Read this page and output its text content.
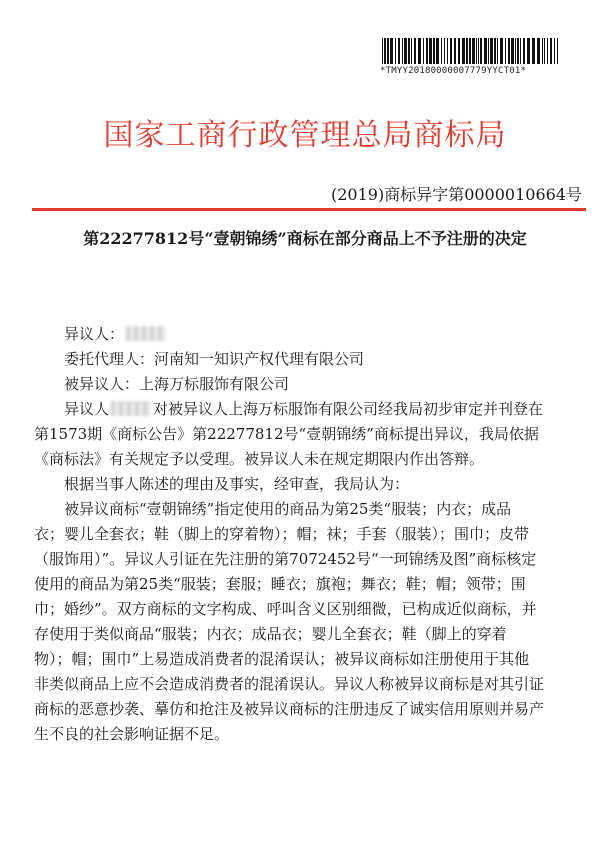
*TMYY20180000007779YYCT01*
国家工商行政管理总局商标局
(2019)商标异字第0000010664号
第22277812号“壹朝锦绣”商标在部分商品上不予注册的决定
异议人：
委托代理人：河南知一知识产权代理有限公司
被异议人：上海万标服饰有限公司
异议人	对被异议人上海万标服饰有限公司经我局初步审定并刊登在
第1573期《商标公告》第22277812号“壹朝锦绣”商标提出异议，我局依据
《商标法》有关规定予以受理。被异议人未在规定期限内作出答辩。
根据当事人陈述的理由及事实，经审查，我局认为：
被异议商标“壹朝锦绣”指定使用的商品为第25类“服装；内衣；成品
衣；婴儿全套衣；鞋（脚上的穿着物）；帽；袜；手套（服装）；围巾；皮带
（服饰用）”。异议人引证在先注册的第7072452号“一珂锦绣及图”商标核定
使用的商品为第25类“服装；套服；睡衣；旗袍；舞衣；鞋；帽；领带；围
巾；婚纱”。双方商标的文字构成、呼叫含义区别细微，已构成近似商标，并
存使用于类似商品“服装；内衣；成品衣；婴儿全套衣；鞋（脚上的穿着
物）；帽；围巾”上易造成消费者的混淆误认；被异议商标如注册使用于其他
非类似商品上应不会造成消费者的混淆误认。异议人称被异议商标是对其引证
商标的恶意抄袭、摹仿和抢注及被异议商标的注册违反了诚实信用原则并易产
生不良的社会影响证据不足。
